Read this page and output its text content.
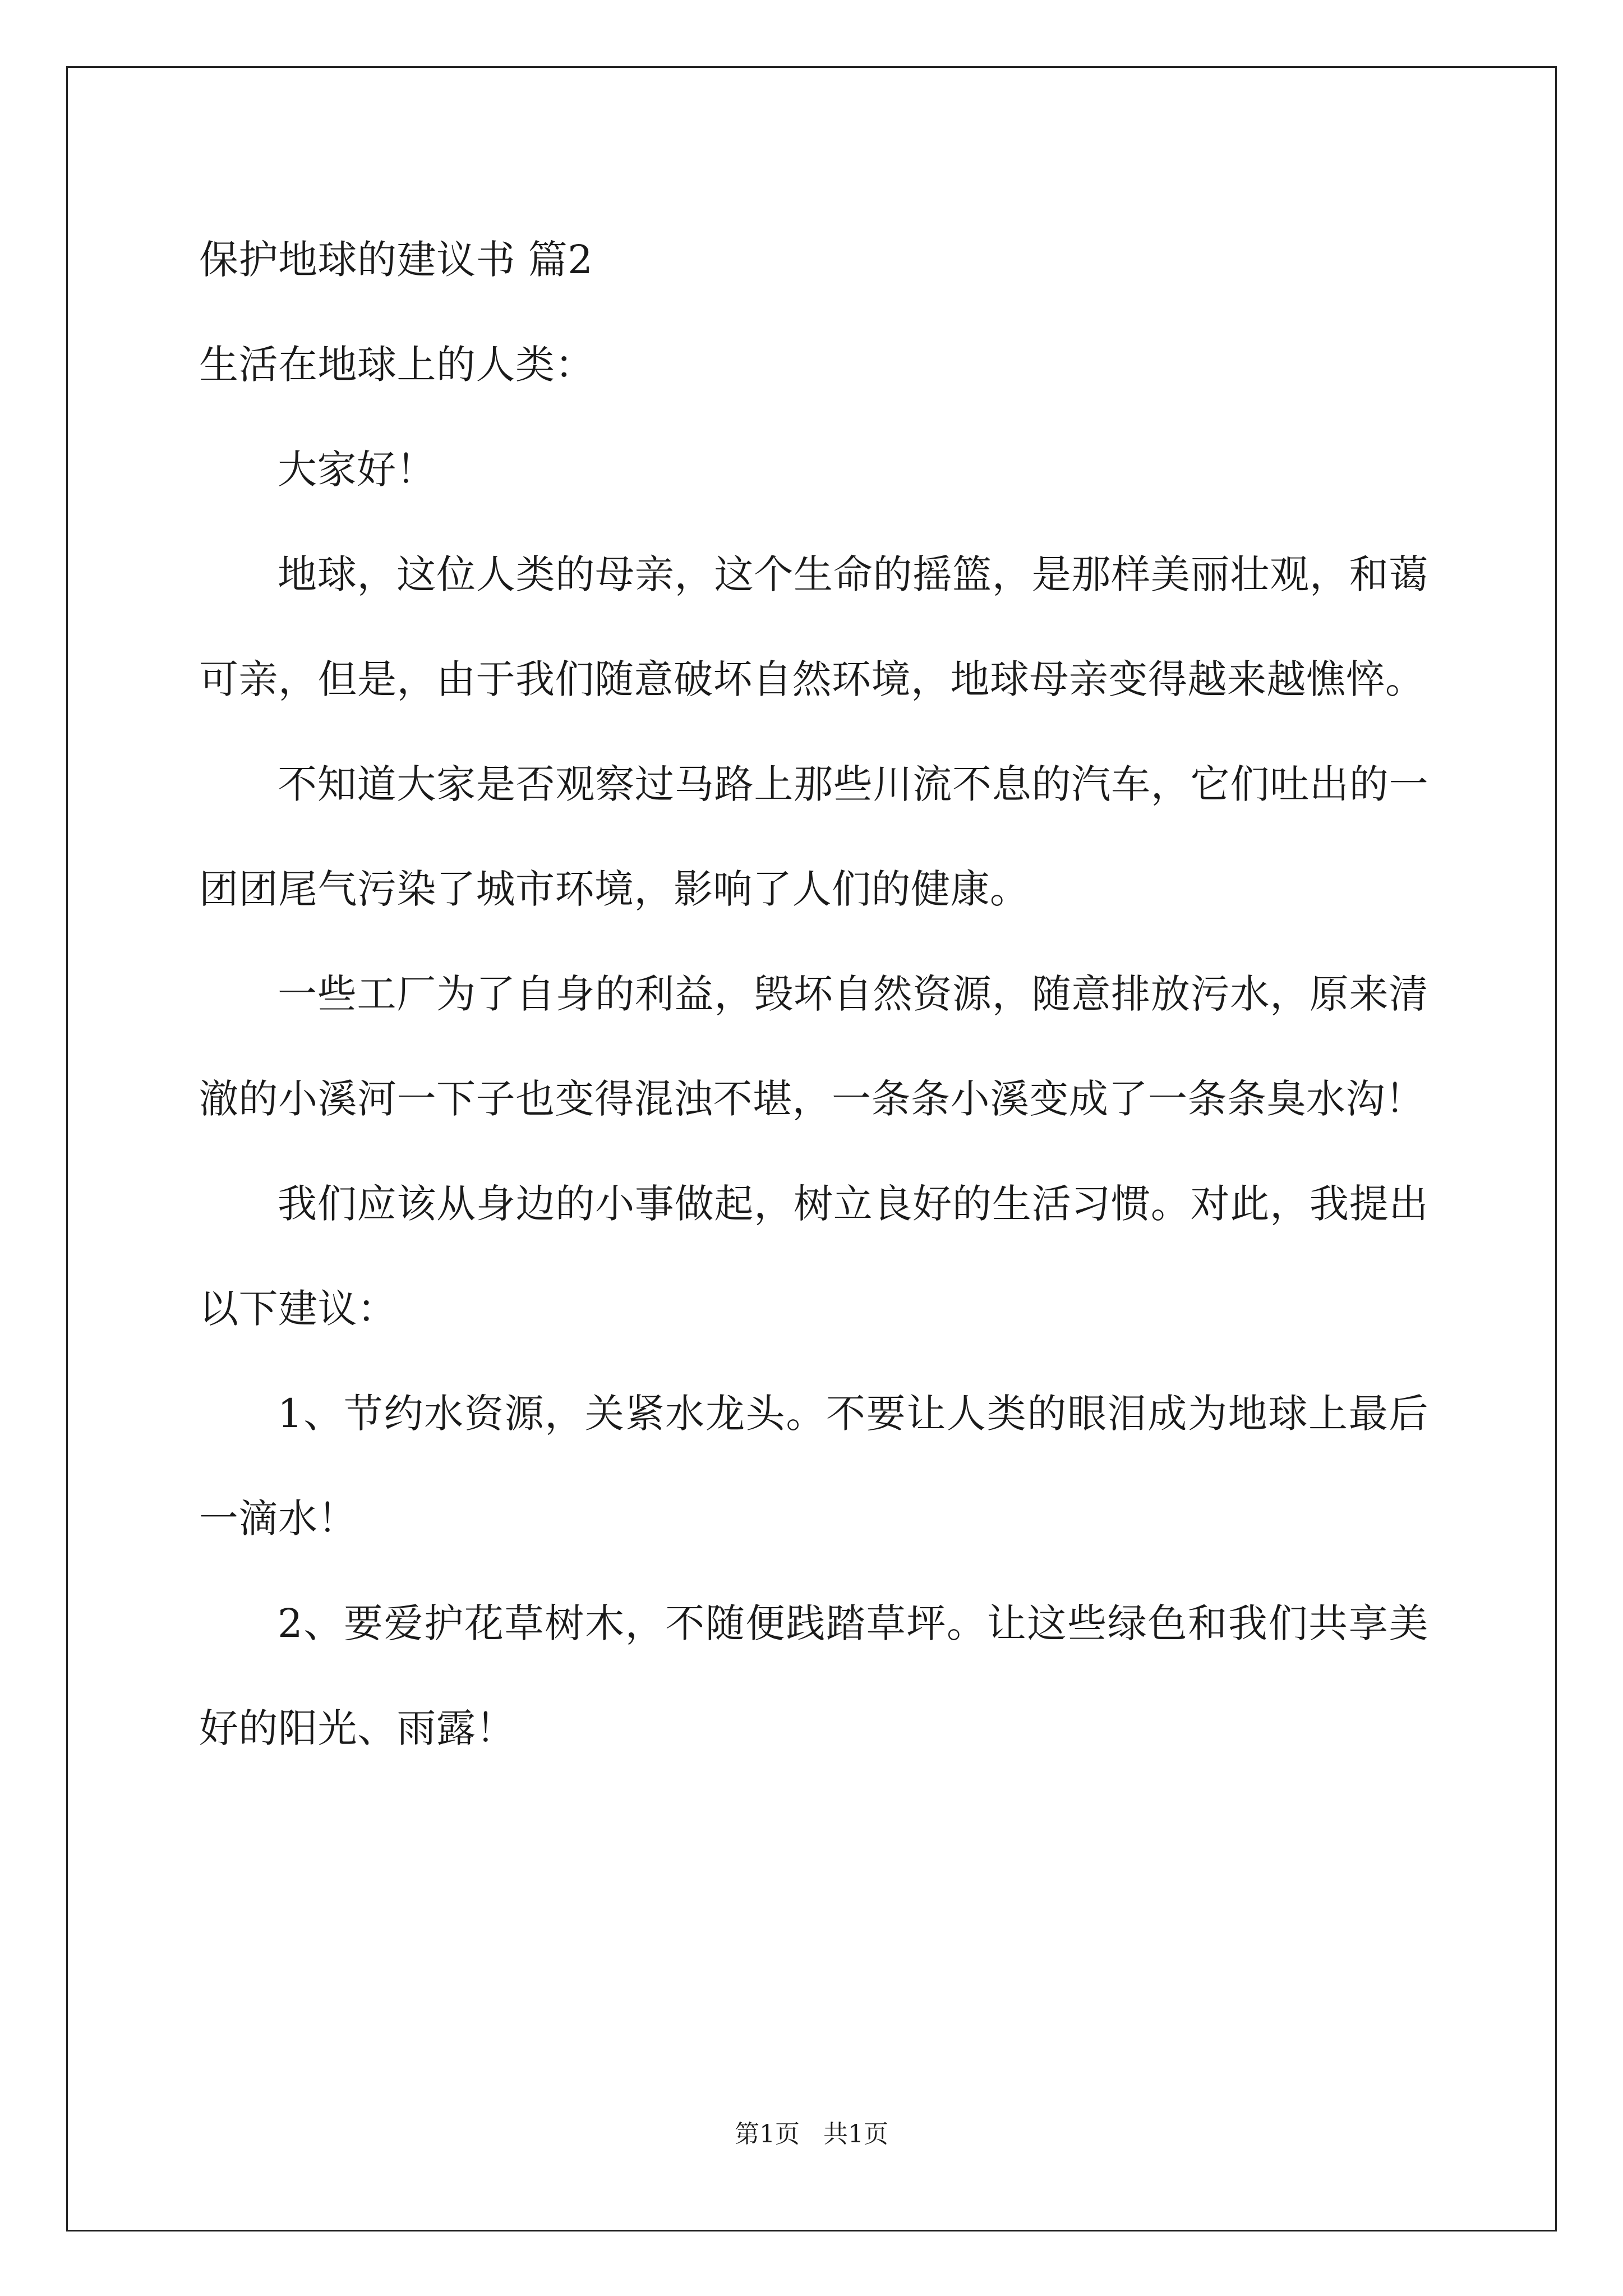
保护地球的建议书 篇2

生活在地球上的人类：

大家好！

地球，这位人类的母亲，这个生命的摇篮，是那样美丽壮观，和蔼可亲，但是，由于我们随意破坏自然环境，地球母亲变得越来越憔悴。

不知道大家是否观察过马路上那些川流不息的汽车，它们吐出的一团团尾气污染了城市环境，影响了人们的健康。

一些工厂为了自身的利益，毁坏自然资源，随意排放污水，原来清澈的小溪河一下子也变得混浊不堪，一条条小溪变成了一条条臭水沟！

我们应该从身边的小事做起，树立良好的生活习惯。对此，我提出以下建议：

1、节约水资源，关紧水龙头。不要让人类的眼泪成为地球上最后一滴水！

2、要爱护花草树木，不随便践踏草坪。让这些绿色和我们共享美好的阳光、雨露！

第1页 共1页
